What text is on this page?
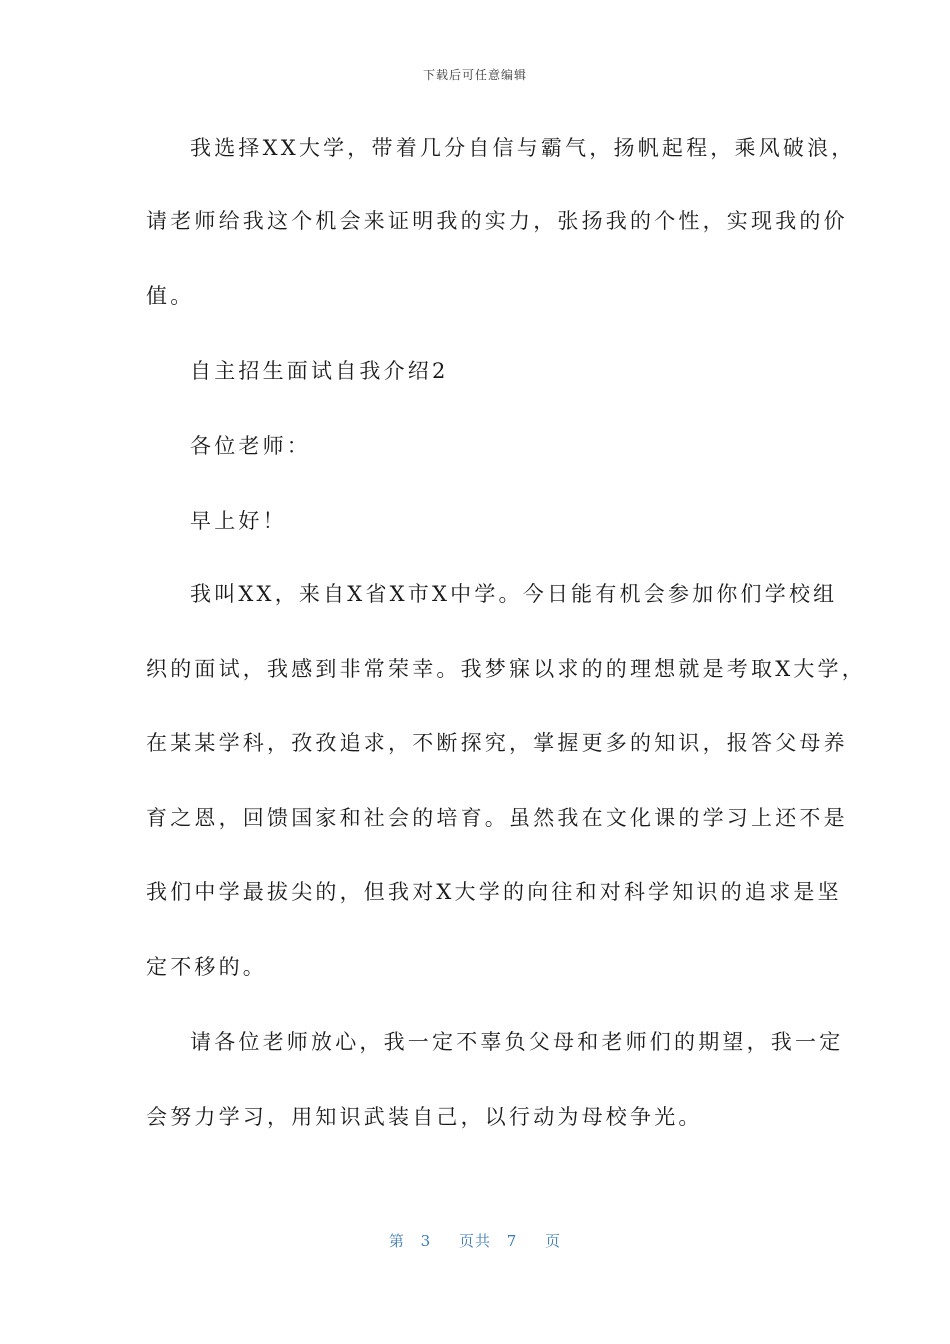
下载后可任意编辑
我选择XX大学，带着几分自信与霸气，扬帆起程，乘风破浪，
请老师给我这个机会来证明我的实力，张扬我的个性，实现我的价
值。
自主招生面试自我介绍2
各位老师：
早上好！
我叫XX，来自X省X市X中学。今日能有机会参加你们学校组
织的面试，我感到非常荣幸。我梦寐以求的的理想就是考取X大学，
在某某学科，孜孜追求，不断探究，掌握更多的知识，报答父母养
育之恩，回馈国家和社会的培育。虽然我在文化课的学习上还不是
我们中学最拔尖的，但我对X大学的向往和对科学知识的追求是坚
定不移的。
请各位老师放心，我一定不辜负父母和老师们的期望，我一定
会努力学习，用知识武装自己，以行动为母校争光。
第 3 页共 7 页
